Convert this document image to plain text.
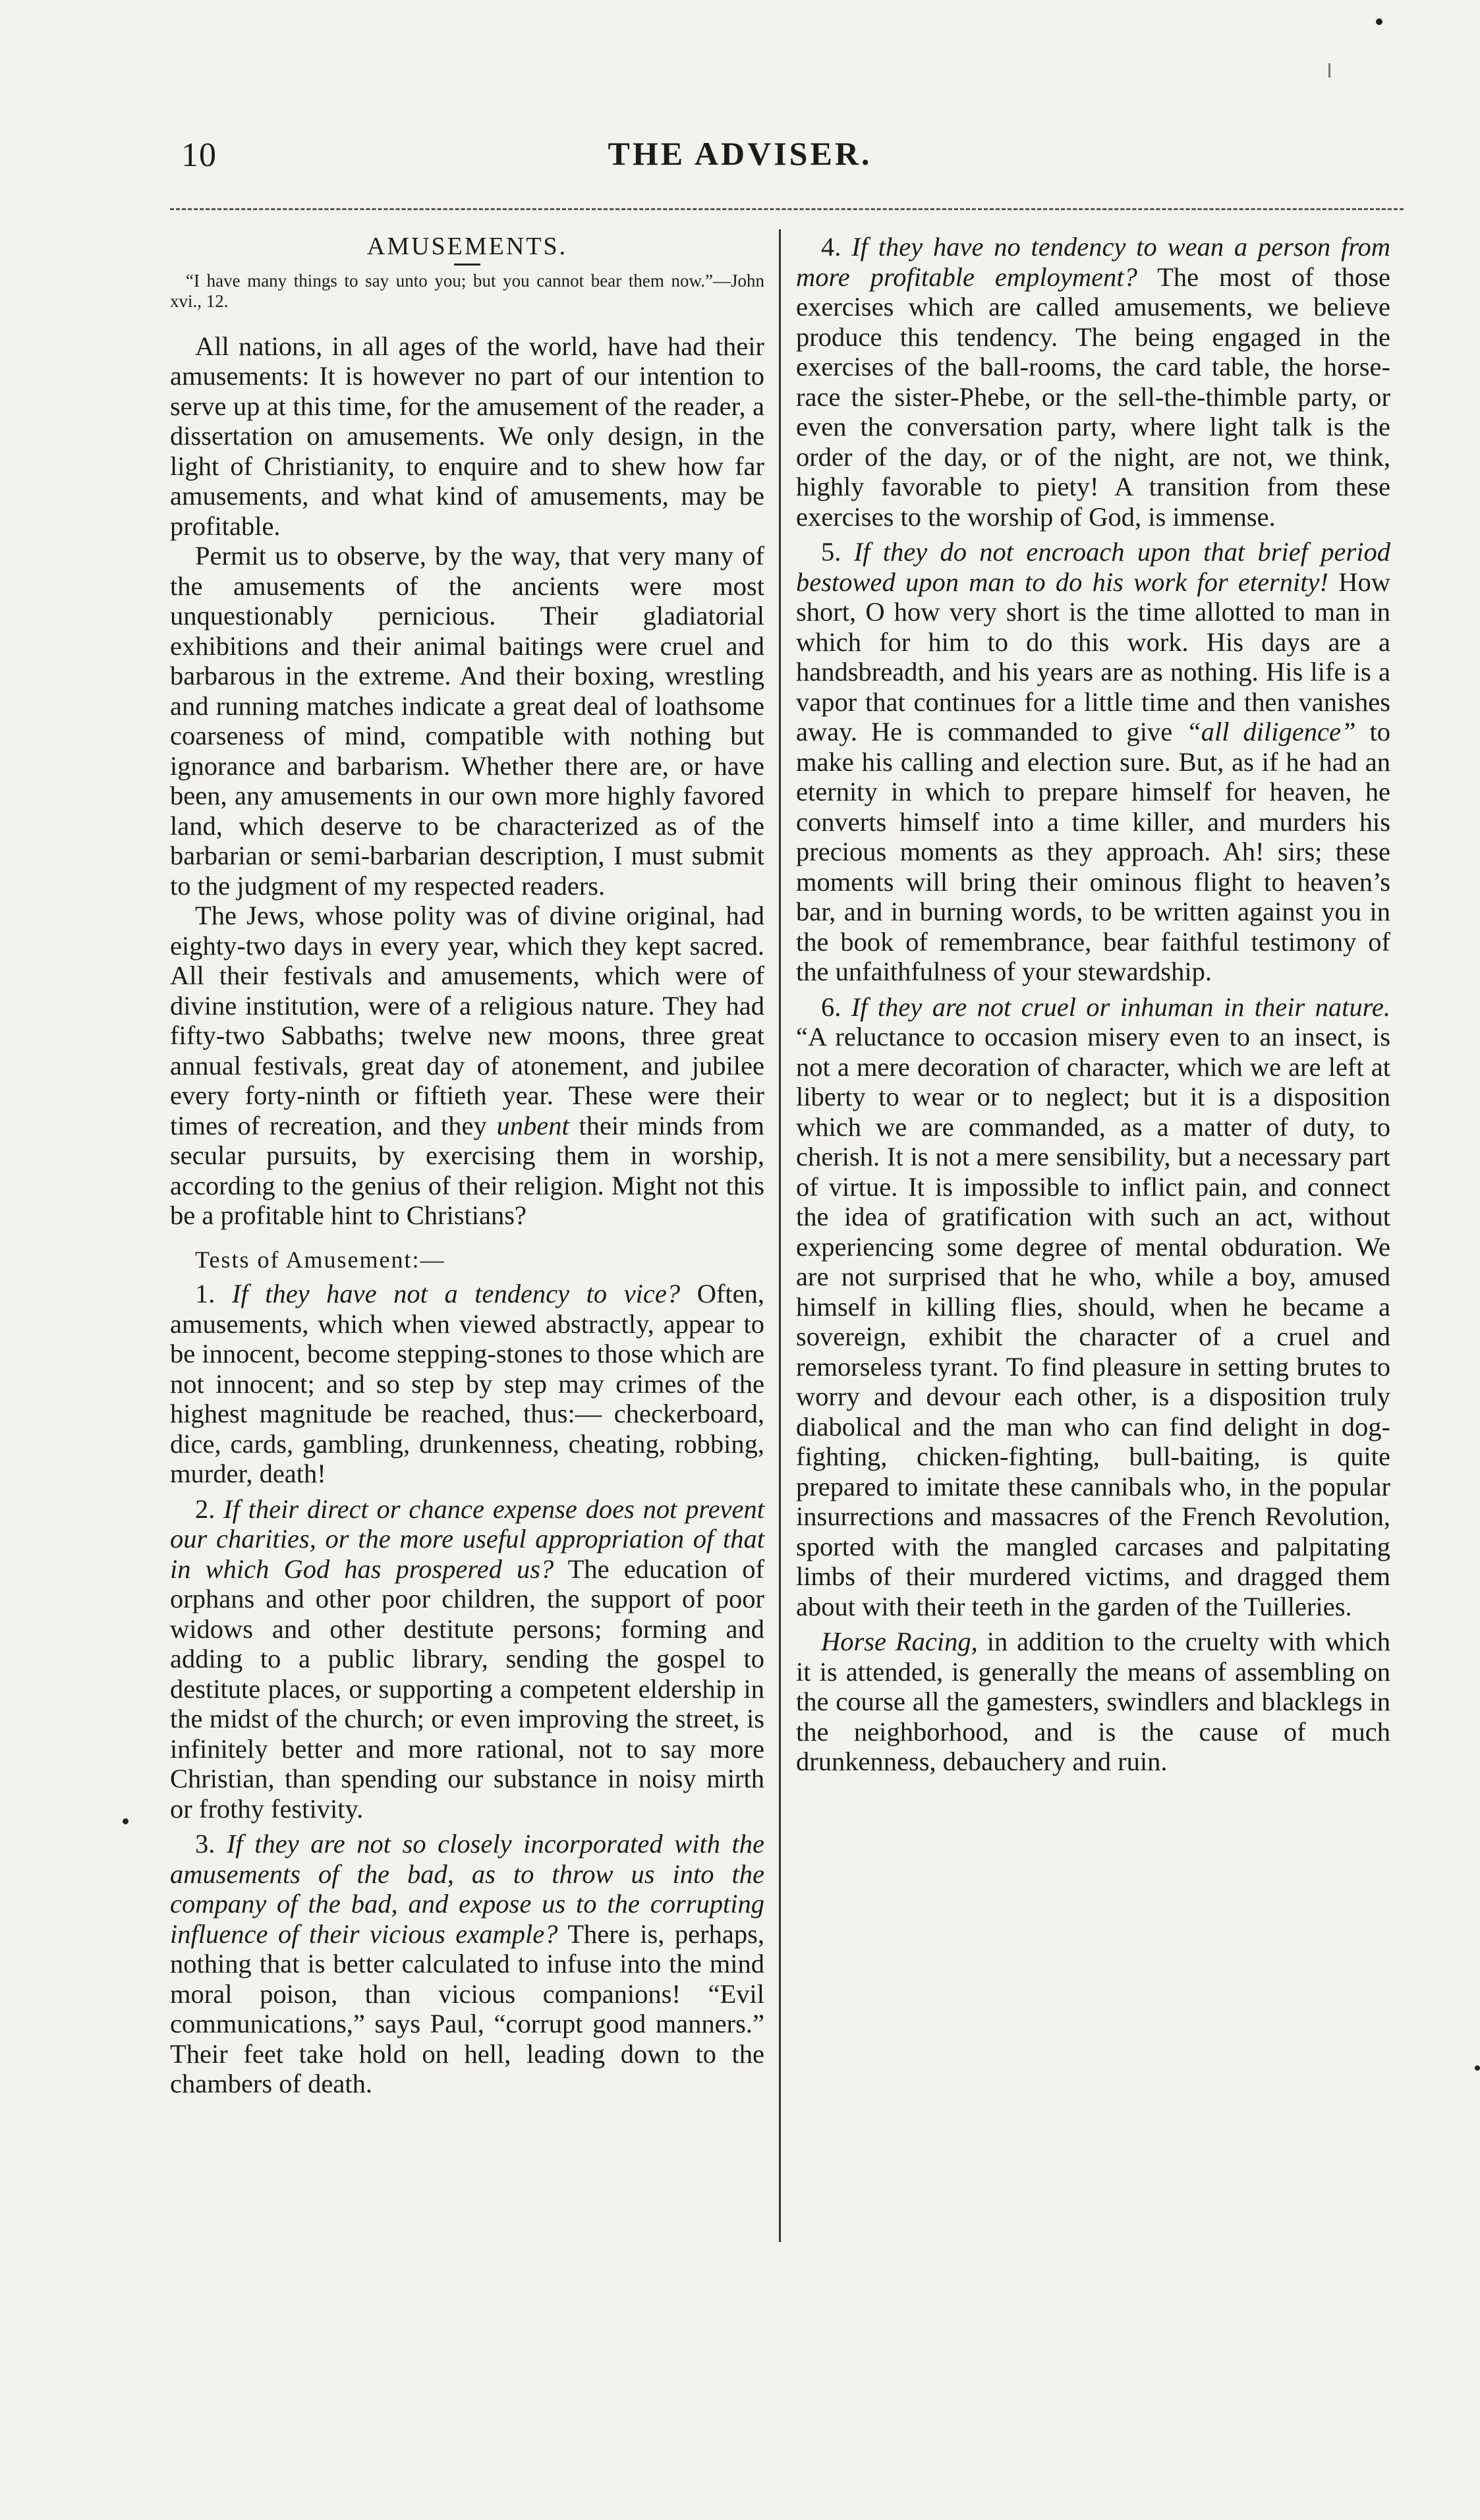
10	THE ADVISER.
AMUSEMENTS.
“I have many things to say unto you; but you cannot bear them now.”—John xvi., 12.

All nations, in all ages of the world, have had their amusements: It is however no part of our intention to serve up at this time, for the amusement of the reader, a dissertation on amusements. We only design, in the light of Christianity, to enquire and to shew how far amusements, and what kind of amusements, may be profitable.

Permit us to observe, by the way, that very many of the amusements of the ancients were most unquestionably pernicious. Their gladiatorial exhibitions and their animal baitings were cruel and barbarous in the extreme. And their boxing, wrestling and running matches indicate a great deal of loathsome coarseness of mind, compatible with nothing but ignorance and barbarism. Whether there are, or have been, any amusements in our own more highly favored land, which deserve to be characterized as of the barbarian or semi-barbarian description, I must submit to the judgment of my respected readers.

The Jews, whose polity was of divine original, had eighty-two days in every year, which they kept sacred. All their festivals and amusements, which were of divine institution, were of a religious nature. They had fifty-two Sabbaths; twelve new moons, three great annual festivals, great day of atonement, and jubilee every forty-ninth or fiftieth year. These were their times of recreation, and they unbent their minds from secular pursuits, by exercising them in worship, according to the genius of their religion. Might not this be a profitable hint to Christians?

Tests of Amusement:—

1. If they have not a tendency to vice? Often, amusements, which when viewed abstractly, appear to be innocent, become stepping-stones to those which are not innocent; and so step by step may crimes of the highest magnitude be reached, thus:— checkerboard, dice, cards, gambling, drunkenness, cheating, robbing, murder, death!

2. If their direct or chance expense does not prevent our charities, or the more useful appropriation of that in which God has prospered us? The education of orphans and other poor children, the support of poor widows and other destitute persons; forming and adding to a public library, sending the gospel to destitute places, or supporting a competent eldership in the midst of the church; or even improving the street, is infinitely better and more rational, not to say more Christian, than spending our substance in noisy mirth or frothy festivity.

3. If they are not so closely incorporated with the amusements of the bad, as to throw us into the company of the bad, and expose us to the corrupting influence of their vicious example? There is, perhaps, nothing that is better calculated to infuse into the mind moral poison, than vicious companions! “Evil communications,” says Paul, “corrupt good manners.” Their feet take hold on hell, leading down to the chambers of death.

4. If they have no tendency to wean a person from more profitable employment? The most of those exercises which are called amusements, we believe produce this tendency. The being engaged in the exercises of the ball-rooms, the card table, the horse-race the sister-Phebe, or the sell-the-thimble party, or even the conversation party, where light talk is the order of the day, or of the night, are not, we think, highly favorable to piety! A transition from these exercises to the worship of God, is immense.

5. If they do not encroach upon that brief period bestowed upon man to do his work for eternity! How short, O how very short is the time allotted to man in which for him to do this work. His days are a handsbreadth, and his years are as nothing. His life is a vapor that continues for a little time and then vanishes away. He is commanded to give “all diligence” to make his calling and election sure. But, as if he had an eternity in which to prepare himself for heaven, he converts himself into a time killer, and murders his precious moments as they approach. Ah! sirs; these moments will bring their ominous flight to heaven’s bar, and in burning words, to be written against you in the book of remembrance, bear faithful testimony of the unfaithfulness of your stewardship.

6. If they are not cruel or inhuman in their nature. “A reluctance to occasion misery even to an insect, is not a mere decoration of character, which we are left at liberty to wear or to neglect; but it is a disposition which we are commanded, as a matter of duty, to cherish. It is not a mere sensibility, but a necessary part of virtue. It is impossible to inflict pain, and connect the idea of gratification with such an act, without experiencing some degree of mental obduration. We are not surprised that he who, while a boy, amused himself in killing flies, should, when he became a sovereign, exhibit the character of a cruel and remorseless tyrant. To find pleasure in setting brutes to worry and devour each other, is a disposition truly diabolical and the man who can find delight in dog-fighting, chicken-fighting, bull-baiting, is quite prepared to imitate these cannibals who, in the popular insurrections and massacres of the French Revolution, sported with the mangled carcases and palpitating limbs of their murdered victims, and dragged them about with their teeth in the garden of the Tuilleries.

Horse Racing, in addition to the cruelty with which it is attended, is generally the means of assembling on the course all the gamesters, swindlers and blacklegs in the neighborhood, and is the cause of much drunkenness, debauchery and ruin.
